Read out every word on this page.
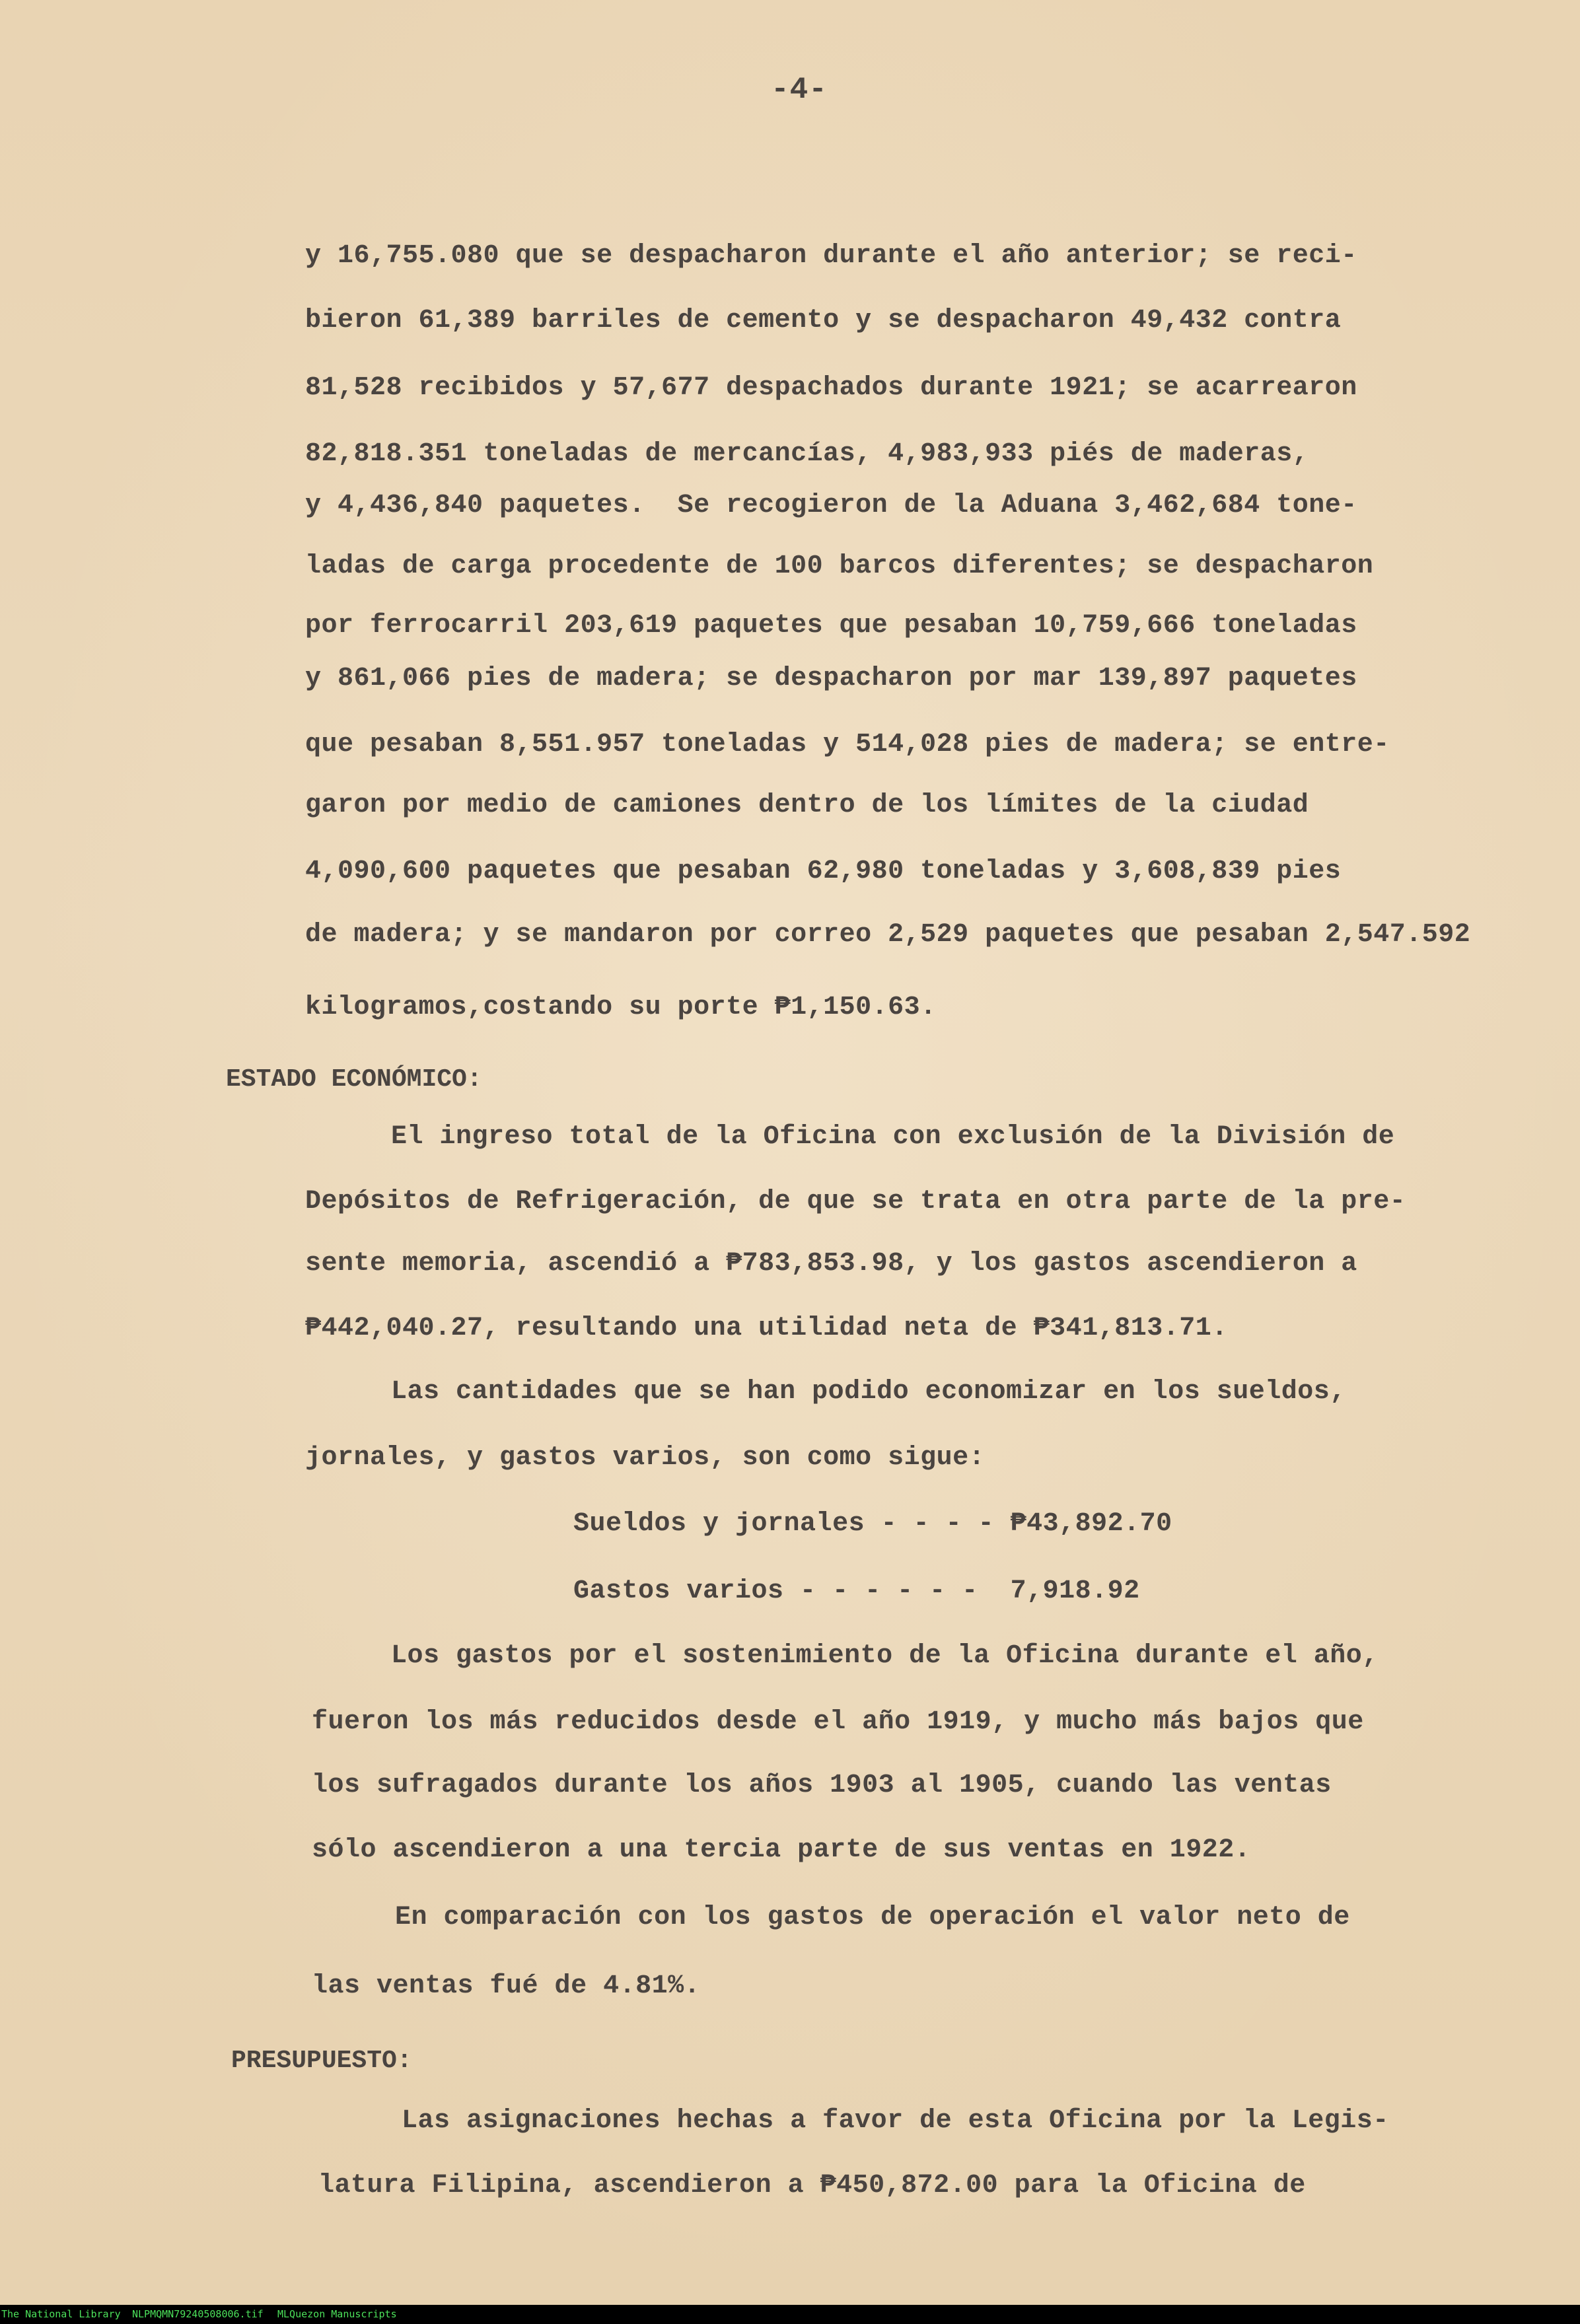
-4-
y 16,755.080 que se despacharon durante el año anterior; se reci-
bieron 61,389 barriles de cemento y se despacharon 49,432 contra
81,528 recibidos y 57,677 despachados durante 1921; se acarrearon
82,818.351 toneladas de mercancías, 4,983,933 piés de maderas,
y 4,436,840 paquetes.  Se recogieron de la Aduana 3,462,684 tone-
ladas de carga procedente de 100 barcos diferentes; se despacharon
por ferrocarril 203,619 paquetes que pesaban 10,759,666 toneladas
y 861,066 pies de madera; se despacharon por mar 139,897 paquetes
que pesaban 8,551.957 toneladas y 514,028 pies de madera; se entre-
garon por medio de camiones dentro de los límites de la ciudad
4,090,600 paquetes que pesaban 62,980 toneladas y 3,608,839 pies
de madera; y se mandaron por correo 2,529 paquetes que pesaban 2,547.592
kilogramos,costando su porte ₱1,150.63.
ESTADO ECONÓMICO:
El ingreso total de la Oficina con exclusión de la División de
Depósitos de Refrigeración, de que se trata en otra parte de la pre-
sente memoria, ascendió a ₱783,853.98, y los gastos ascendieron a
₱442,040.27, resultando una utilidad neta de ₱341,813.71.
Las cantidades que se han podido economizar en los sueldos,
jornales, y gastos varios, son como sigue:
Sueldos y jornales - - - - ₱43,892.70
Gastos varios - - - - - -  7,918.92
Los gastos por el sostenimiento de la Oficina durante el año,
fueron los más reducidos desde el año 1919, y mucho más bajos que
los sufragados durante los años 1903 al 1905, cuando las ventas
sólo ascendieron a una tercia parte de sus ventas en 1922.
En comparación con los gastos de operación el valor neto de
las ventas fué de 4.81%.
PRESUPUESTO:
Las asignaciones hechas a favor de esta Oficina por la Legis-
latura Filipina, ascendieron a ₱450,872.00 para la Oficina de
The National Library NLPMQMN79240508006.tif MLQuezon Manuscripts
